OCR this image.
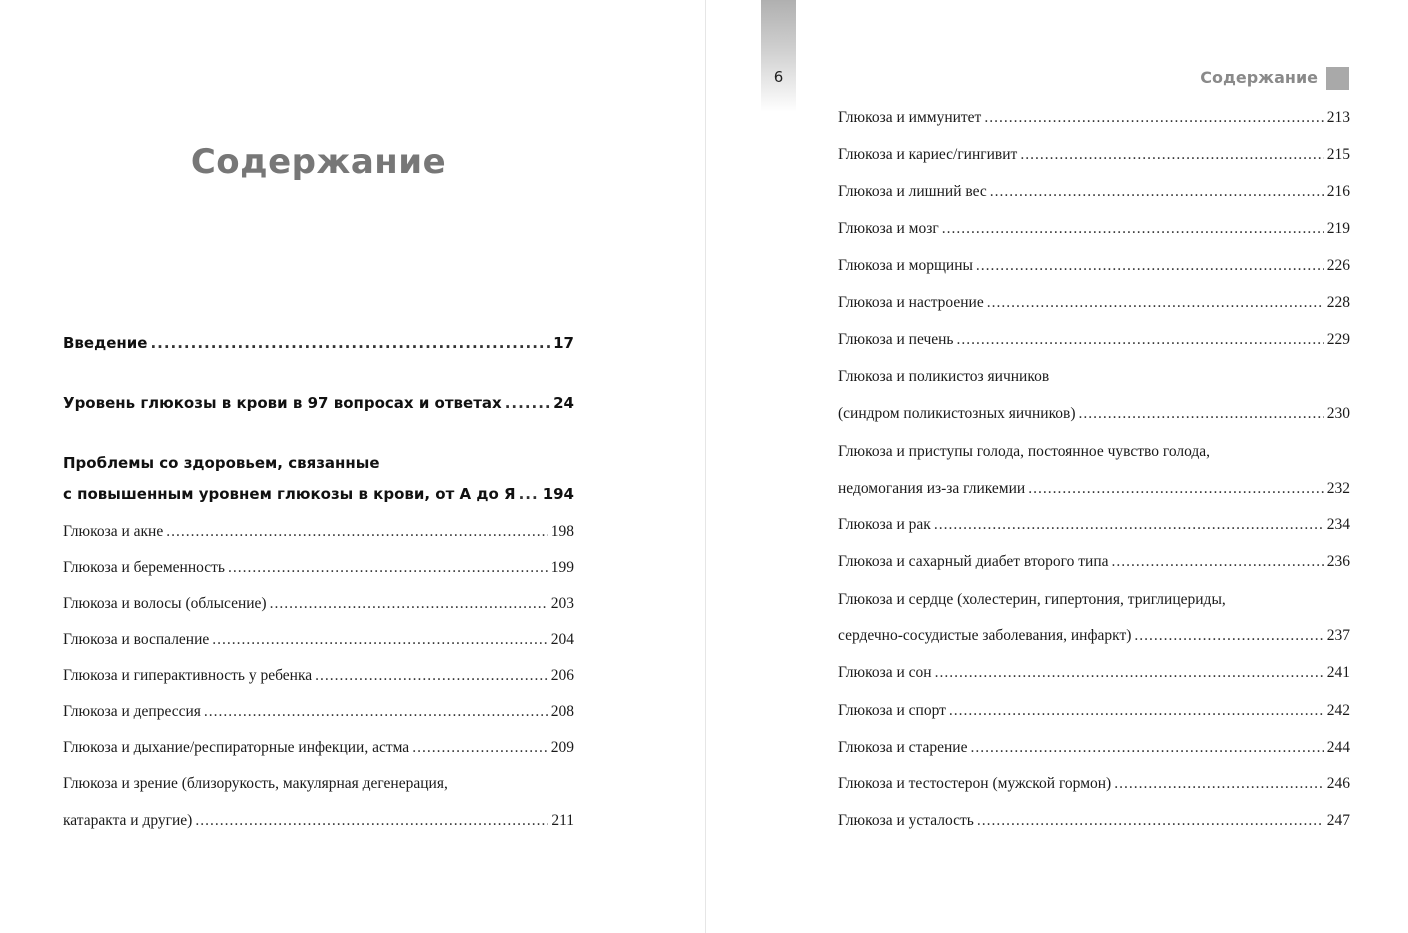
Содержание
Введение .....	17
Уровень глюкозы в крови в 97 вопросах и ответах .....	24
Проблемы со здоровьем, связанные
с повышенным уровнем глюкозы в крови, от А до Я ..... 194
Глюкоза и акне .....	198
Глюкоза и беременность .....	199
Глюкоза и волосы (облысение) .....	203
Глюкоза и воспаление .....	204
Глюкоза и гиперактивность у ребенка .....	206
Глюкоза и депрессия .....	208
Глюкоза и дыхание/респираторные инфекции, астма .....	209
Глюкоза и зрение (близорукость, макулярная дегенерация,
катаракта и другие) .....	211
6	Содержание
Глюкоза и иммунитет .....	213
Глюкоза и кариес/гингивит .....	215
Глюкоза и лишний вес .....	216
Глюкоза и мозг .....	219
Глюкоза и морщины .....	226
Глюкоза и настроение .....	228
Глюкоза и печень .....	229
Глюкоза и поликистоз яичников
(синдром поликистозных яичников) .....	230
Глюкоза и приступы голода, постоянное чувство голода,
недомогания из-за гликемии .....	232
Глюкоза и рак .....	234
Глюкоза и сахарный диабет второго типа .....	236
Глюкоза и сердце (холестерин, гипертония, триглицериды,
сердечно-сосудистые заболевания, инфаркт) .....	237
Глюкоза и сон .....	241
Глюкоза и спорт .....	242
Глюкоза и старение .....	244
Глюкоза и тестостерон (мужской гормон) .....	246
Глюкоза и усталость .....	247
